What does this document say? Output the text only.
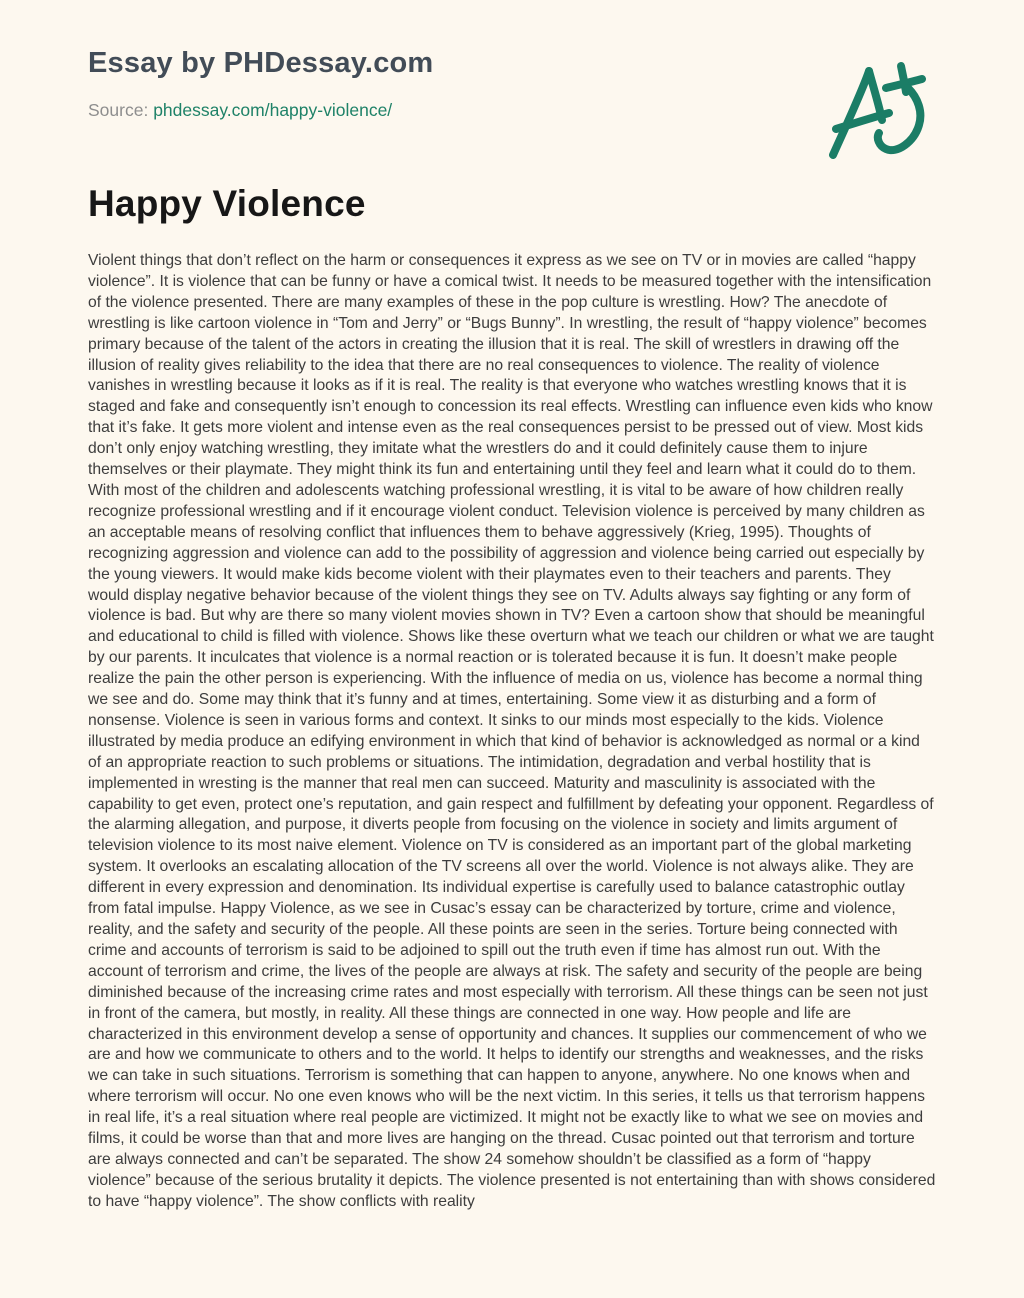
Essay by PHDessay.com
Source: phdessay.com/happy-violence/
Happy Violence
Violent things that don’t reflect on the harm or consequences it express as we see on TV or in movies are called “happy violence”. It is violence that can be funny or have a comical twist. It needs to be measured together with the intensification of the violence presented. There are many examples of these in the pop culture is wrestling. How? The anecdote of wrestling is like cartoon violence in “Tom and Jerry” or “Bugs Bunny”. In wrestling, the result of “happy violence” becomes primary because of the talent of the actors in creating the illusion that it is real. The skill of wrestlers in drawing off the illusion of reality gives reliability to the idea that there are no real consequences to violence. The reality of violence vanishes in wrestling because it looks as if it is real. The reality is that everyone who watches wrestling knows that it is staged and fake and consequently isn’t enough to concession its real effects. Wrestling can influence even kids who know that it’s fake. It gets more violent and intense even as the real consequences persist to be pressed out of view. Most kids don’t only enjoy watching wrestling, they imitate what the wrestlers do and it could definitely cause them to injure themselves or their playmate. They might think its fun and entertaining until they feel and learn what it could do to them. With most of the children and adolescents watching professional wrestling, it is vital to be aware of how children really recognize professional wrestling and if it encourage violent conduct. Television violence is perceived by many children as an acceptable means of resolving conflict that influences them to behave aggressively (Krieg, 1995). Thoughts of recognizing aggression and violence can add to the possibility of aggression and violence being carried out especially by the young viewers. It would make kids become violent with their playmates even to their teachers and parents. They would display negative behavior because of the violent things they see on TV. Adults always say fighting or any form of violence is bad. But why are there so many violent movies shown in TV? Even a cartoon show that should be meaningful and educational to child is filled with violence. Shows like these overturn what we teach our children or what we are taught by our parents. It inculcates that violence is a normal reaction or is tolerated because it is fun. It doesn’t make people realize the pain the other person is experiencing. With the influence of media on us, violence has become a normal thing we see and do. Some may think that it’s funny and at times, entertaining. Some view it as disturbing and a form of nonsense. Violence is seen in various forms and context. It sinks to our minds most especially to the kids. Violence illustrated by media produce an edifying environment in which that kind of behavior is acknowledged as normal or a kind of an appropriate reaction to such problems or situations. The intimidation, degradation and verbal hostility that is implemented in wresting is the manner that real men can succeed. Maturity and masculinity is associated with the capability to get even, protect one’s reputation, and gain respect and fulfillment by defeating your opponent. Regardless of the alarming allegation, and purpose, it diverts people from focusing on the violence in society and limits argument of television violence to its most naive element. Violence on TV is considered as an important part of the global marketing system. It overlooks an escalating allocation of the TV screens all over the world. Violence is not always alike. They are different in every expression and denomination. Its individual expertise is carefully used to balance catastrophic outlay from fatal impulse. Happy Violence, as we see in Cusac’s essay can be characterized by torture, crime and violence, reality, and the safety and security of the people. All these points are seen in the series. Torture being connected with crime and accounts of terrorism is said to be adjoined to spill out the truth even if time has almost run out. With the account of terrorism and crime, the lives of the people are always at risk. The safety and security of the people are being diminished because of the increasing crime rates and most especially with terrorism. All these things can be seen not just in front of the camera, but mostly, in reality. All these things are connected in one way. How people and life are characterized in this environment develop a sense of opportunity and chances. It supplies our commencement of who we are and how we communicate to others and to the world. It helps to identify our strengths and weaknesses, and the risks we can take in such situations. Terrorism is something that can happen to anyone, anywhere. No one knows when and where terrorism will occur. No one even knows who will be the next victim. In this series, it tells us that terrorism happens in real life, it’s a real situation where real people are victimized. It might not be exactly like to what we see on movies and films, it could be worse than that and more lives are hanging on the thread. Cusac pointed out that terrorism and torture are always connected and can’t be separated. The show 24 somehow shouldn’t be classified as a form of “happy violence” because of the serious brutality it depicts. The violence presented is not entertaining than with shows considered to have “happy violence”. The show conflicts with reality
